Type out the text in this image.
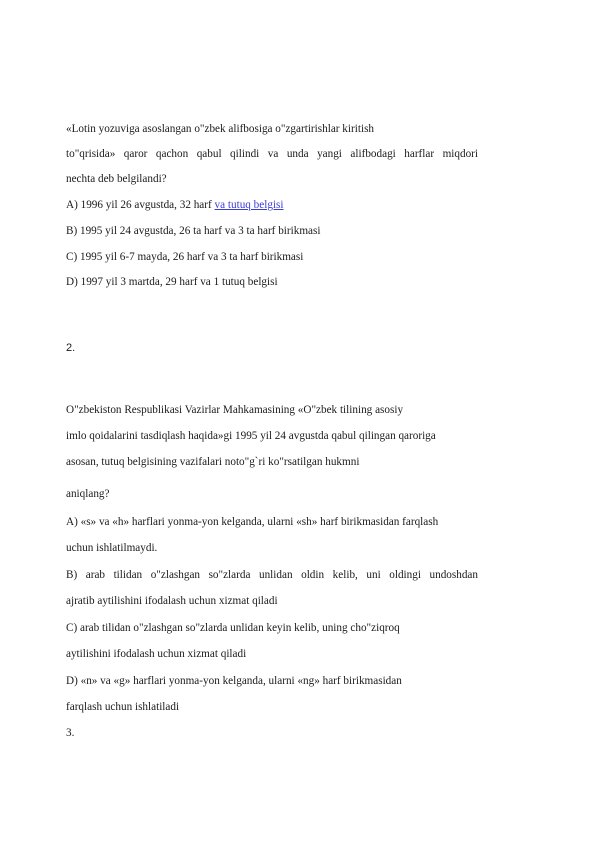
«Lotin yozuviga asoslangan o"zbek alifbosiga o"zgartirishlar kiritish
to"qrisida» qaror qachon qabul qilindi va unda yangi alifbodagi harflar miqdori
nechta deb belgilandi?
A) 1996 yil 26 avgustda, 32 harf va tutuq belgisi
B) 1995 yil 24 avgustda, 26 ta harf va 3 ta harf birikmasi
C) 1995 yil 6-7 mayda, 26 harf va 3 ta harf birikmasi
D) 1997 yil 3 martda, 29 harf va 1 tutuq belgisi
2.
O"zbekiston Respublikasi Vazirlar Mahkamasining «O"zbek tilining asosiy
imlo qoidalarini tasdiqlash haqida»gi 1995 yil 24 avgustda qabul qilingan qaroriga
asosan, tutuq belgisining vazifalari noto"g`ri ko"rsatilgan hukmni
aniqlang?
A) «s» va «h» harflari yonma-yon kelganda, ularni «sh» harf birikmasidan farqlash
uchun ishlatilmaydi.
B) arab tilidan o"zlashgan so"zlarda unlidan oldin kelib, uni oldingi undoshdan
ajratib aytilishini ifodalash uchun xizmat qiladi
C) arab tilidan o"zlashgan so"zlarda unlidan keyin kelib, uning cho"ziqroq
aytilishini ifodalash uchun xizmat qiladi
D) «n» va «g» harflari yonma-yon kelganda, ularni «ng» harf birikmasidan
farqlash uchun ishlatiladi
3.
